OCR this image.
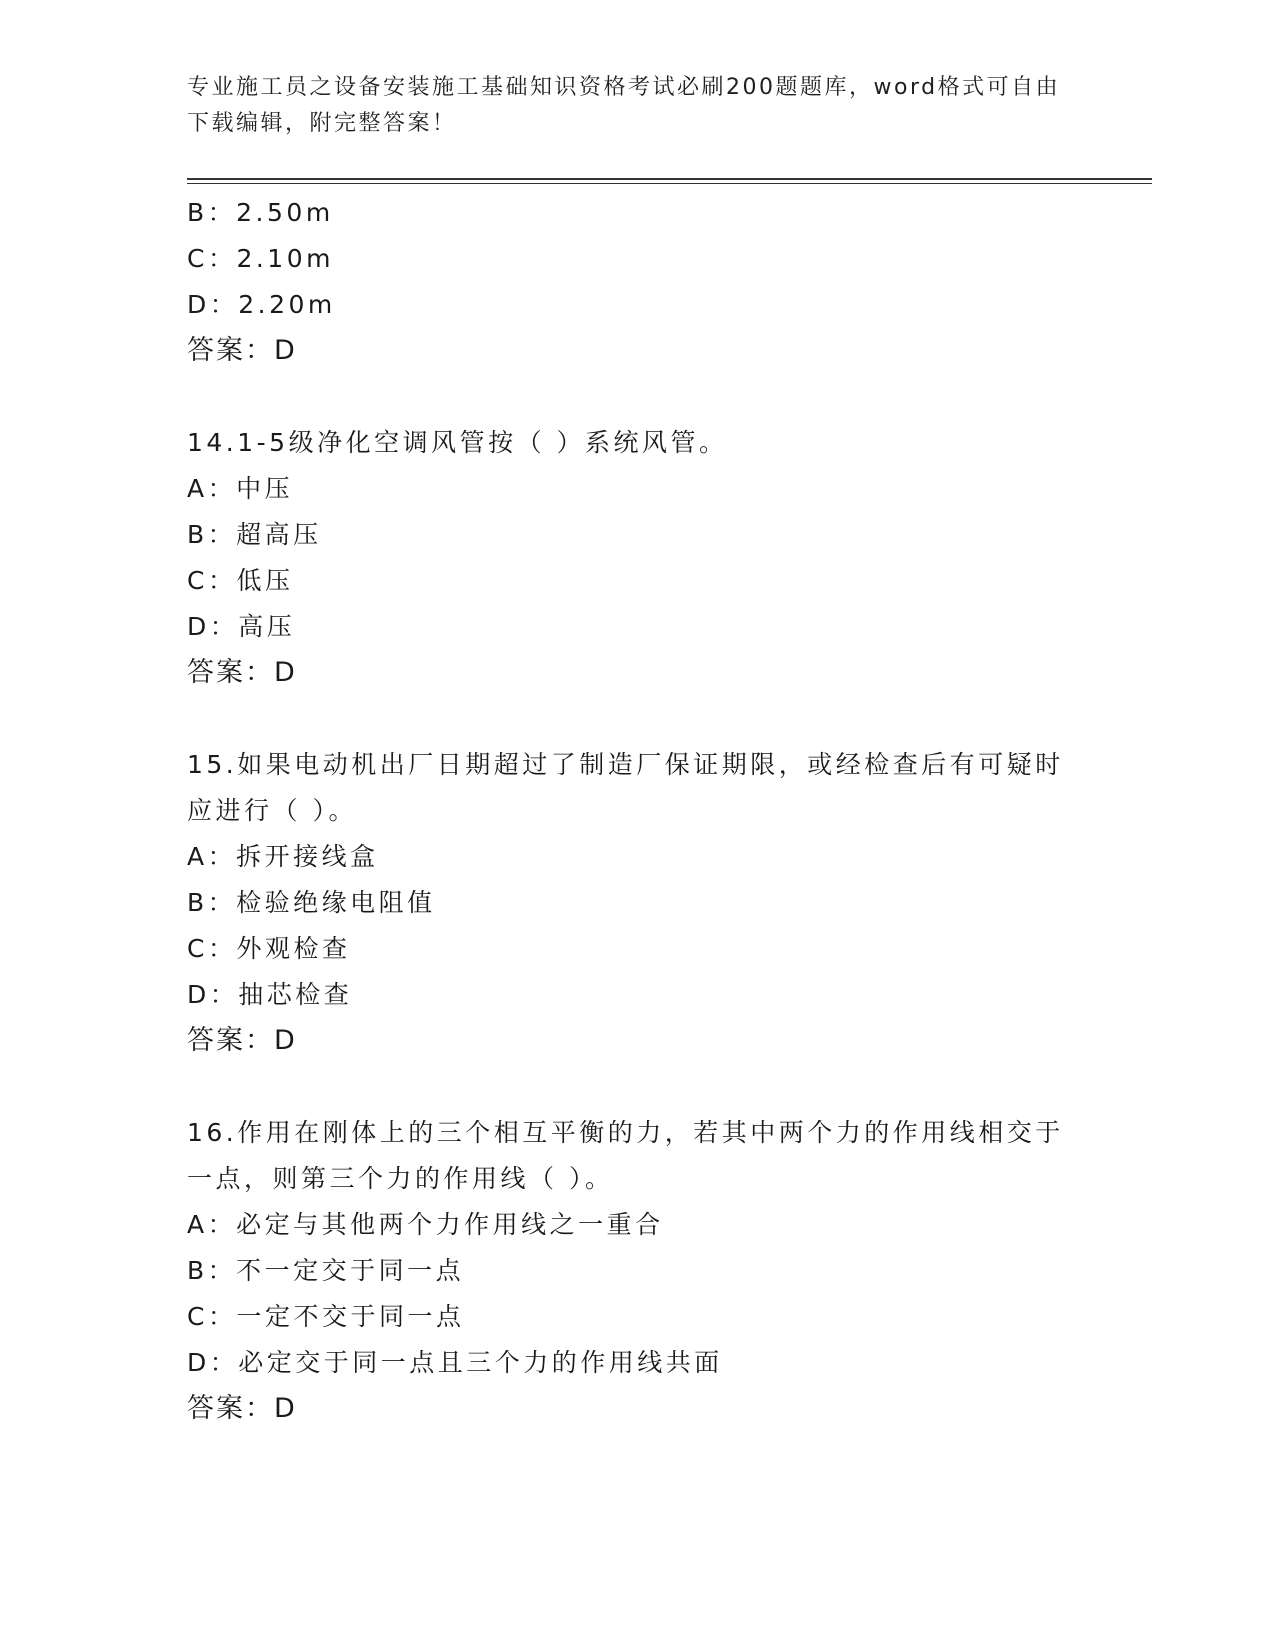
专业施工员之设备安装施工基础知识资格考试必刷200题题库，word格式可自由下载编辑，附完整答案！
B：2.50m
C：2.10m
D：2.20m
答案：D
14.1-5级净化空调风管按（ ）系统风管。
A：中压
B：超高压
C：低压
D：高压
答案：D
15.如果电动机出厂日期超过了制造厂保证期限，或经检查后有可疑时
应进行（ ）。
A：拆开接线盒
B：检验绝缘电阻值
C：外观检查
D：抽芯检查
答案：D
16.作用在刚体上的三个相互平衡的力，若其中两个力的作用线相交于
一点，则第三个力的作用线（ ）。
A：必定与其他两个力作用线之一重合
B：不一定交于同一点
C：一定不交于同一点
D：必定交于同一点且三个力的作用线共面
答案：D
